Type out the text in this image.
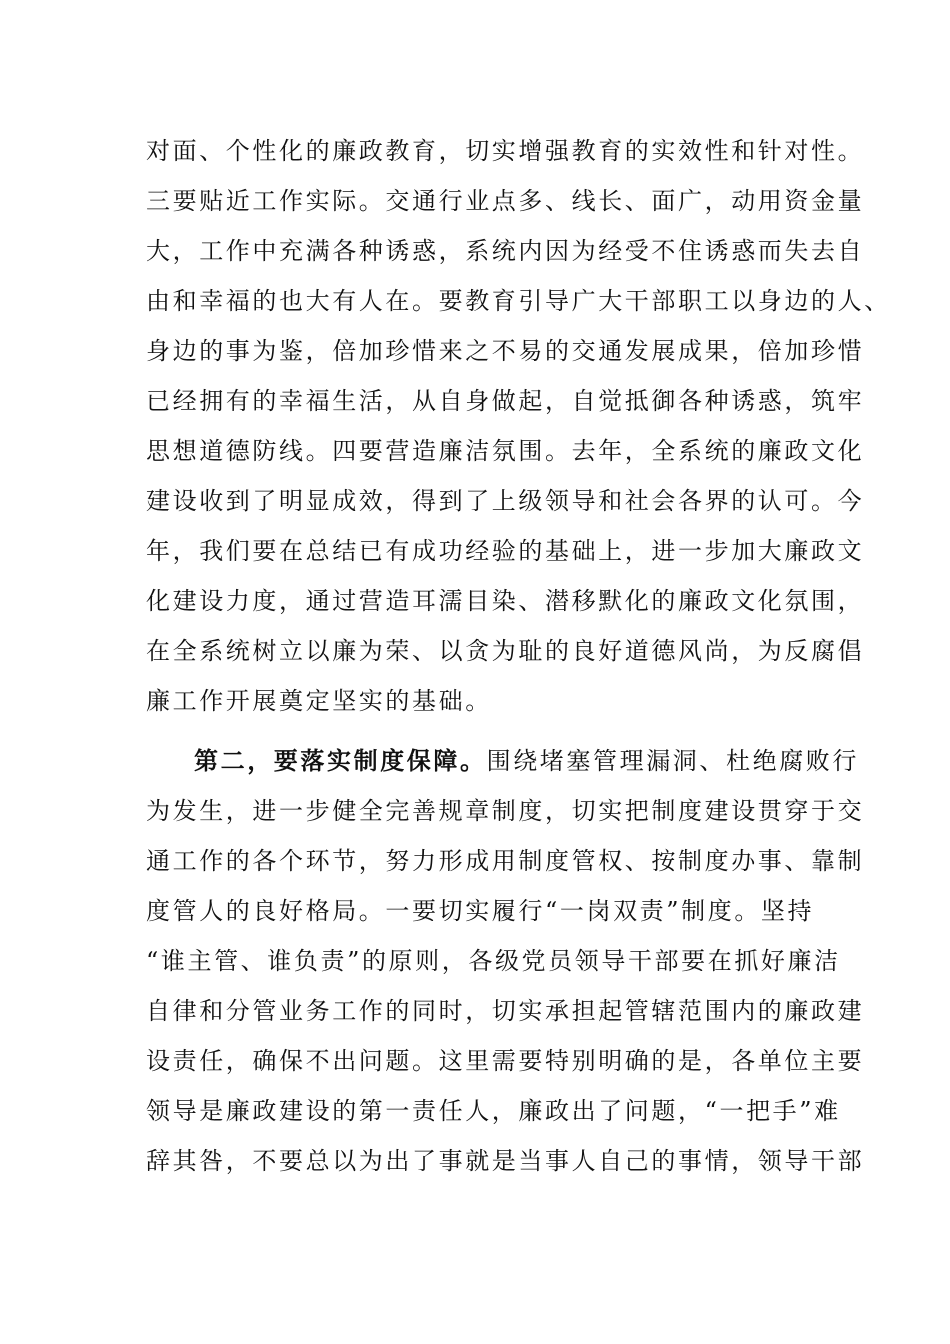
对面、个性化的廉政教育，切实增强教育的实效性和针对性。
三要贴近工作实际。交通行业点多、线长、面广，动用资金量
大，工作中充满各种诱惑，系统内因为经受不住诱惑而失去自
由和幸福的也大有人在。要教育引导广大干部职工以身边的人、
身边的事为鉴，倍加珍惜来之不易的交通发展成果，倍加珍惜
已经拥有的幸福生活，从自身做起，自觉抵御各种诱惑，筑牢
思想道德防线。四要营造廉洁氛围。去年，全系统的廉政文化
建设收到了明显成效，得到了上级领导和社会各界的认可。今
年，我们要在总结已有成功经验的基础上，进一步加大廉政文
化建设力度，通过营造耳濡目染、潜移默化的廉政文化氛围，
在全系统树立以廉为荣、以贪为耻的良好道德风尚，为反腐倡
廉工作开展奠定坚实的基础。
第二，要落实制度保障。围绕堵塞管理漏洞、杜绝腐败行
为发生，进一步健全完善规章制度，切实把制度建设贯穿于交
通工作的各个环节，努力形成用制度管权、按制度办事、靠制
度管人的良好格局。一要切实履行“一岗双责”制度。坚持
“谁主管、谁负责”的原则，各级党员领导干部要在抓好廉洁
自律和分管业务工作的同时，切实承担起管辖范围内的廉政建
设责任，确保不出问题。这里需要特别明确的是，各单位主要
领导是廉政建设的第一责任人，廉政出了问题，“一把手”难
辞其咎，不要总以为出了事就是当事人自己的事情，领导干部
